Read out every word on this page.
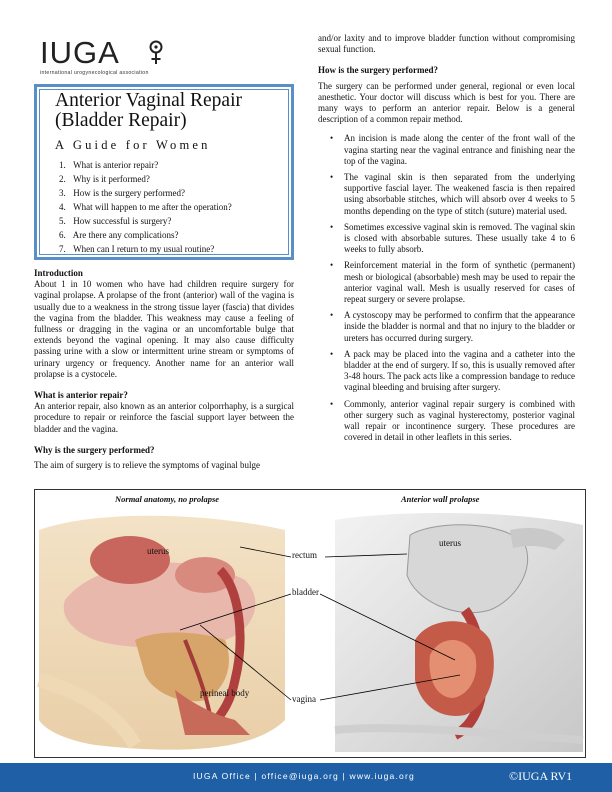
IUGA
international urogynecological association
Anterior Vaginal Repair (Bladder Repair)
A Guide for Women
1. What is anterior repair?
2. Why is it performed?
3. How is the surgery performed?
4. What will happen to me after the operation?
5. How successful is surgery?
6. Are there any complications?
7. When can I return to my usual routine?
Introduction

About 1 in 10 women who have had children require surgery for vaginal prolapse. A prolapse of the front (anterior) wall of the vagina is usually due to a weakness in the strong tissue layer (fascia) that divides the vagina from the bladder. This weakness may cause a feeling of fullness or dragging in the vagina or an uncomfortable bulge that extends beyond the vaginal opening. It may also cause difficulty passing urine with a slow or intermittent urine stream or symptoms of urinary urgency or frequency. Another name for an anterior wall prolapse is a cystocele.

What is anterior repair?

An anterior repair, also known as an anterior colporrhaphy, is a surgical procedure to repair or reinforce the fascial support layer between the bladder and the vagina.

Why is the surgery performed?

The aim of surgery is to relieve the symptoms of vaginal bulge

and/or laxity and to improve bladder function without compromising sexual function.

How is the surgery performed?

The surgery can be performed under general, regional or even local anesthetic. Your doctor will discuss which is best for you. There are many ways to perform an anterior repair. Below is a general description of a common repair method.

• An incision is made along the center of the front wall of the vagina starting near the vaginal entrance and finishing near the top of the vagina.
• The vaginal skin is then separated from the underlying supportive fascial layer. The weakened fascia is then repaired using absorbable stitches, which will absorb over 4 weeks to 5 months depending on the type of stitch (suture) material used.
• Sometimes excessive vaginal skin is removed. The vaginal skin is closed with absorbable sutures. These usually take 4 to 6 weeks to fully absorb.
• Reinforcement material in the form of synthetic (permanent) mesh or biological (absorbable) mesh may be used to repair the anterior vaginal wall. Mesh is usually reserved for cases of repeat surgery or severe prolapse.
• A cystoscopy may be performed to confirm that the appearance inside the bladder is normal and that no injury to the bladder or ureters has occurred during surgery.
• A pack may be placed into the vagina and a catheter into the bladder at the end of surgery. If so, this is usually removed after 3-48 hours. The pack acts like a compression bandage to reduce vaginal bleeding and bruising after surgery.
• Commonly, anterior vaginal repair surgery is combined with other surgery such as vaginal hysterectomy, posterior vaginal wall repair or incontinence surgery. These procedures are covered in detail in other leaflets in this series.
Normal anatomy, no prolapse	Anterior wall prolapse
uterus
uterus
rectum
bladder
perineal body
vagina
IUGA Office | office@iuga.org | www.iuga.org	©IUGA RV1
